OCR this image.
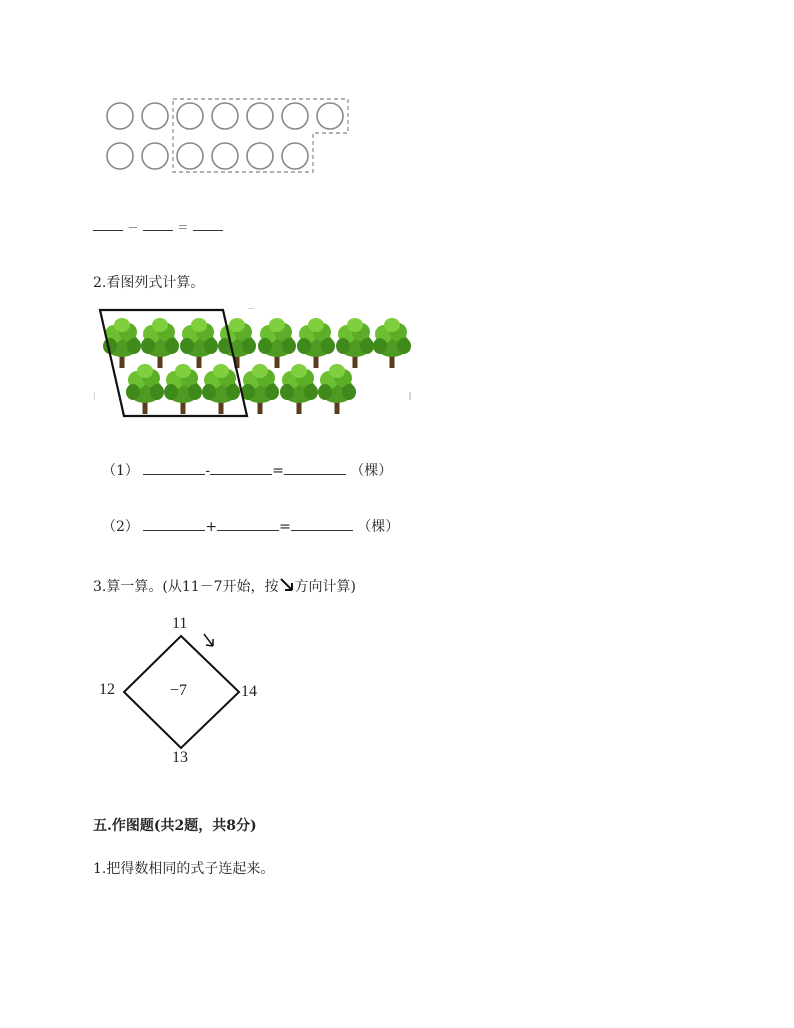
－	＝
2.看图列式计算。
（1）	-	=	（棵）
（2）	+	=	（棵）
3.算一算。(从11－7开始，按 方向计算)
11
14
13
12	−7
五.作图题(共2题，共8分)
1.把得数相同的式子连起来。
